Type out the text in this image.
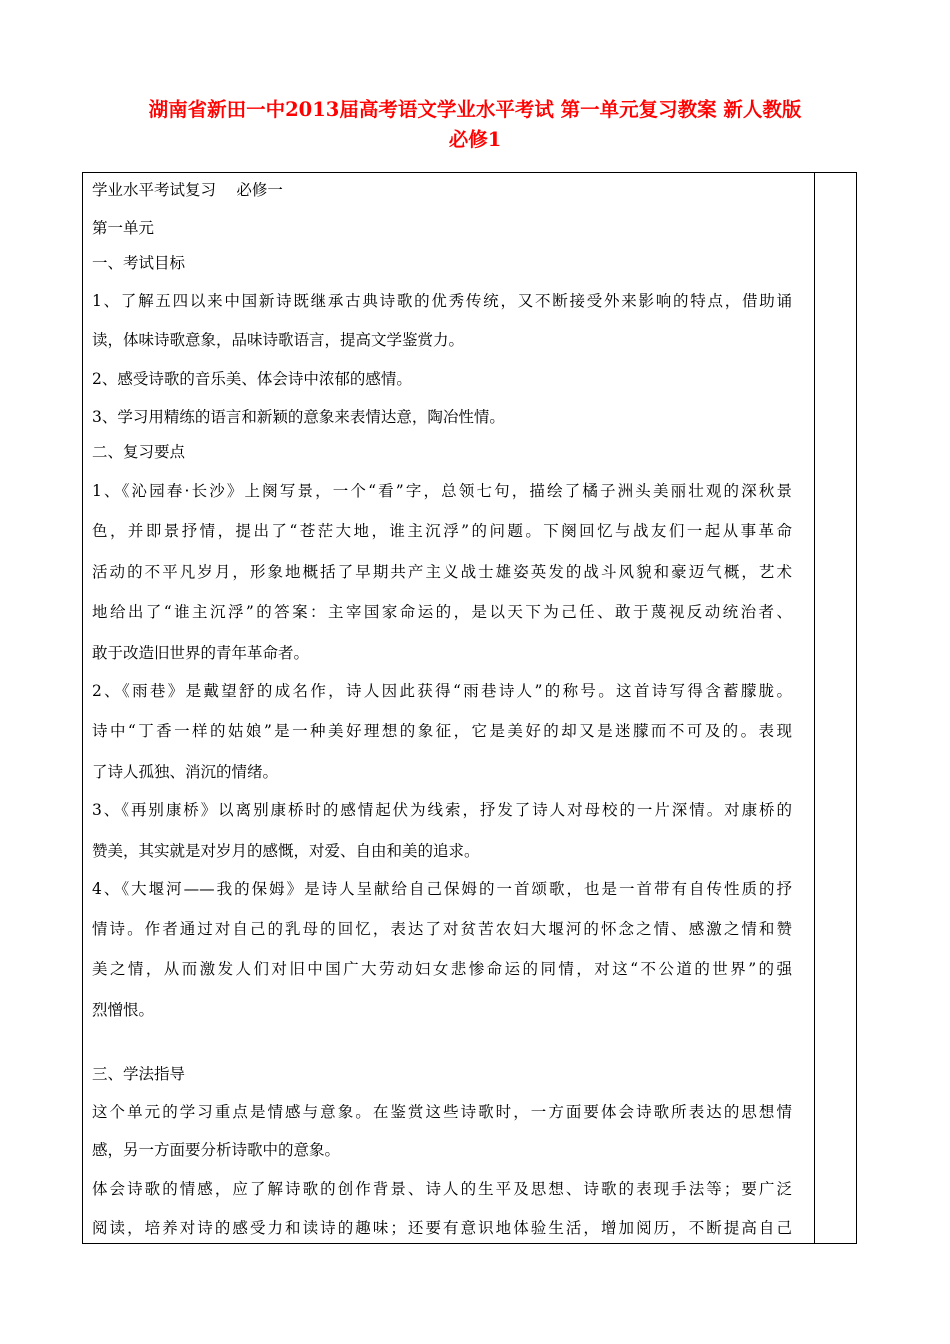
湖南省新田一中2013届高考语文学业水平考试 第一单元复习教案 新人教版
必修1
学业水平考试复习　 必修一
第一单元
一、考试目标
1、了解五四以来中国新诗既继承古典诗歌的优秀传统，又不断接受外来影响的特点，借助诵
读，体味诗歌意象，品味诗歌语言，提高文学鉴赏力。
2、感受诗歌的音乐美、体会诗中浓郁的感情。
3、学习用精练的语言和新颖的意象来表情达意，陶冶性情。
二、复习要点
1、《沁园春·长沙》上阕写景，一个“看”字，总领七句，描绘了橘子洲头美丽壮观的深秋景
色，并即景抒情，提出了“苍茫大地，谁主沉浮”的问题。下阕回忆与战友们一起从事革命
活动的不平凡岁月，形象地概括了早期共产主义战士雄姿英发的战斗风貌和豪迈气概，艺术
地给出了“谁主沉浮”的答案：主宰国家命运的，是以天下为己任、敢于蔑视反动统治者、
敢于改造旧世界的青年革命者。
2、《雨巷》是戴望舒的成名作，诗人因此获得“雨巷诗人”的称号。这首诗写得含蓄朦胧。
诗中“丁香一样的姑娘”是一种美好理想的象征，它是美好的却又是迷朦而不可及的。表现
了诗人孤独、消沉的情绪。
3、《再别康桥》以离别康桥时的感情起伏为线索，抒发了诗人对母校的一片深情。对康桥的
赞美，其实就是对岁月的感慨，对爱、自由和美的追求。
4、《大堰河——我的保姆》是诗人呈献给自己保姆的一首颂歌，也是一首带有自传性质的抒
情诗。作者通过对自己的乳母的回忆，表达了对贫苦农妇大堰河的怀念之情、感激之情和赞
美之情，从而激发人们对旧中国广大劳动妇女悲惨命运的同情，对这“不公道的世界”的强
烈憎恨。
三、学法指导
这个单元的学习重点是情感与意象。在鉴赏这些诗歌时，一方面要体会诗歌所表达的思想情
感，另一方面要分析诗歌中的意象。
体会诗歌的情感，应了解诗歌的创作背景、诗人的生平及思想、诗歌的表现手法等；要广泛
阅读，培养对诗的感受力和读诗的趣味；还要有意识地体验生活，增加阅历，不断提高自己
